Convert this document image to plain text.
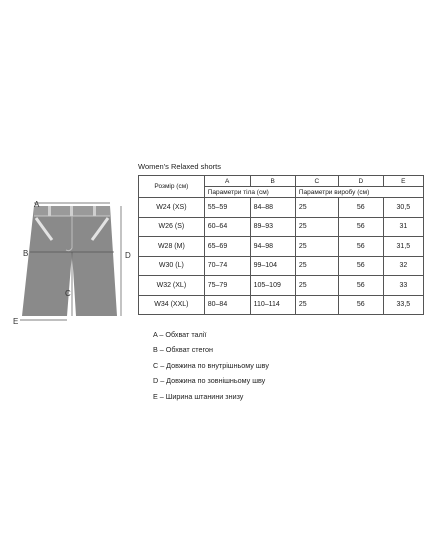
A
B
C
D
E
Women's Relaxed shorts
Розмір (см)	A	B	C	D	E
	Параметри тіла (см)		Параметри виробу (см)		
W24 (XS)	55–59	84–88	25	56	30,5
W26 (S)	60–64	89–93	25	56	31
W28 (M)	65–69	94–98	25	56	31,5
W30 (L)	70–74	99–104	25	56	32
W32 (XL)	75–79	105–109	25	56	33
W34 (XXL)	80–84	110–114	25	56	33,5
A – Обхват талії
B – Обхват стегон
C – Довжина по внутрішньому шву
D – Довжина по зовнішньому шву
E – Ширина штанини знизу
